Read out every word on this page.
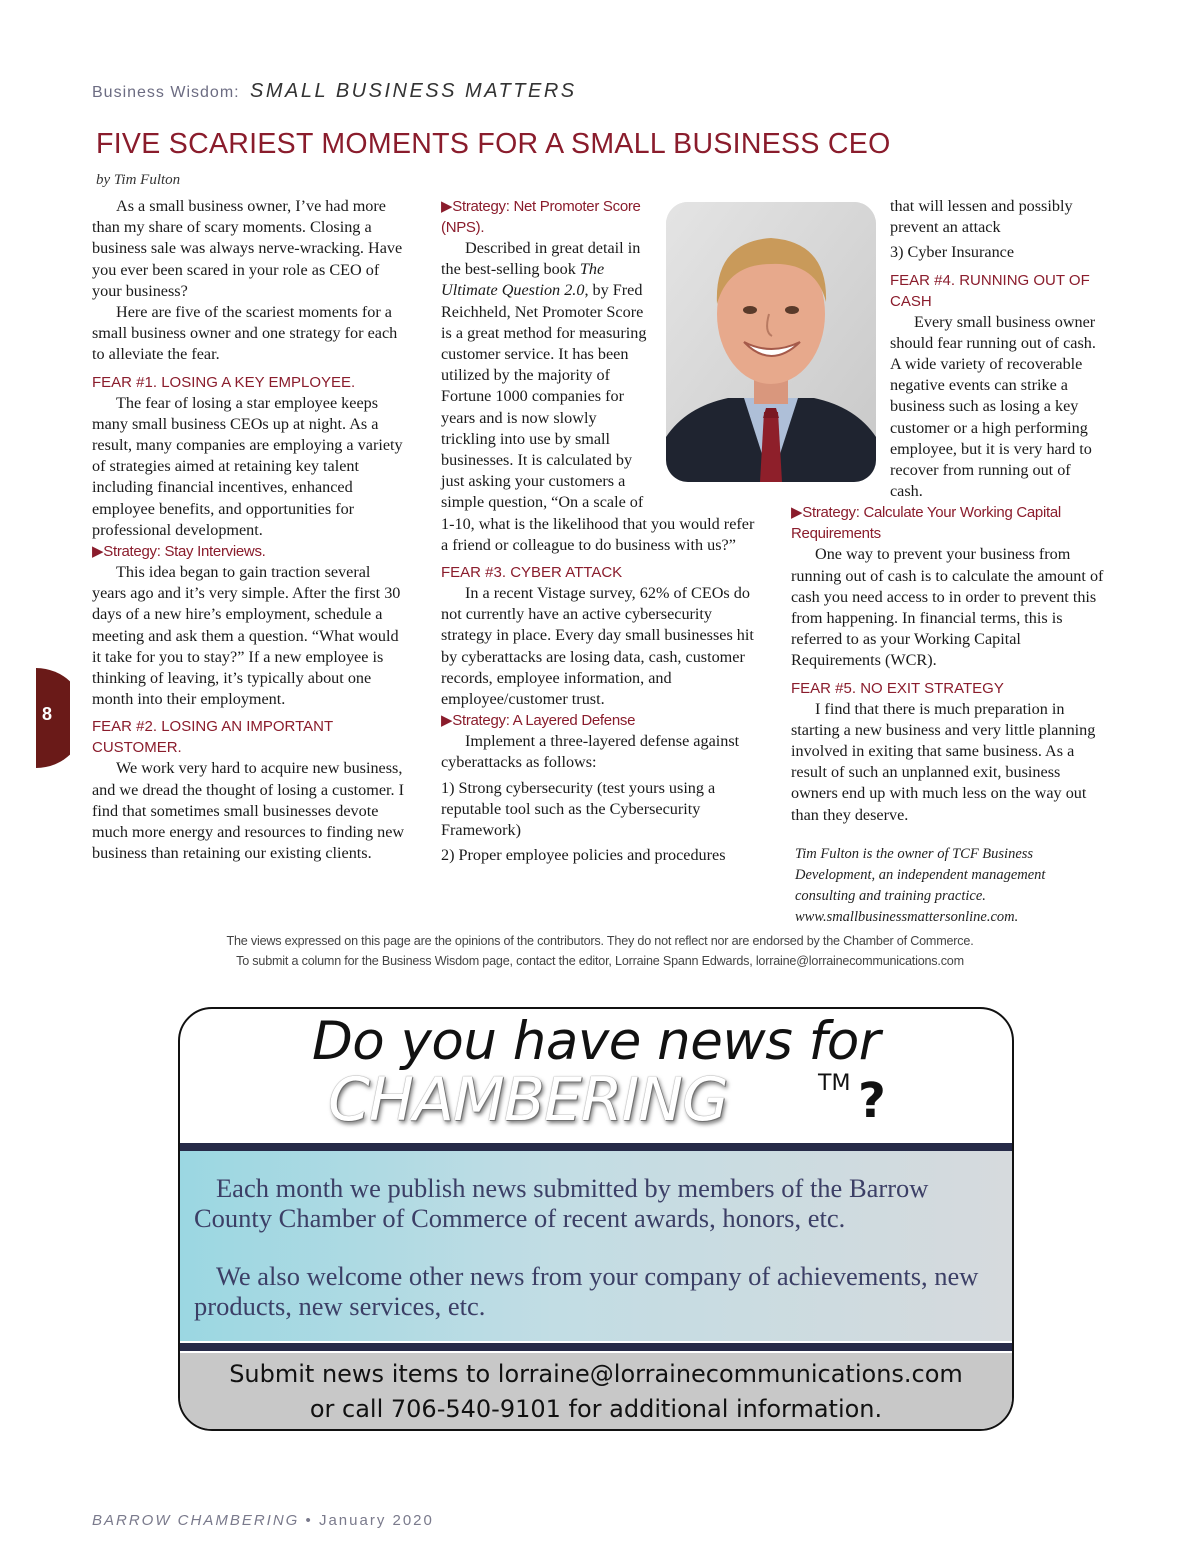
Business Wisdom: SMALL BUSINESS MATTERS
FIVE SCARIEST MOMENTS FOR A SMALL BUSINESS CEO
by Tim Fulton

As a small business owner, I’ve had more than my share of scary moments. Closing a business sale was always nerve-wracking. Have you ever been scared in your role as CEO of your business?

Here are five of the scariest moments for a small business owner and one strategy for each to alleviate the fear.

FEAR #1. LOSING A KEY EMPLOYEE.

The fear of losing a star employee keeps many small business CEOs up at night. As a result, many companies are employing a variety of strategies aimed at retaining key talent including financial incentives, enhanced employee benefits, and opportunities for professional development.

▶Strategy: Stay Interviews.

This idea began to gain traction several years ago and it’s very simple. After the first 30 days of a new hire’s employment, schedule a meeting and ask them a question. “What would it take for you to stay?” If a new employee is thinking of leaving, it’s typically about one month into their employment.

FEAR #2. LOSING AN IMPORTANT CUSTOMER.

We work very hard to acquire new business, and we dread the thought of losing a customer. I find that sometimes small businesses devote much more energy and resources to finding new business than retaining our existing clients.

▶Strategy: Net Promoter Score (NPS).

Described in great detail in the best-selling book The Ultimate Question 2.0, by Fred Reichheld, Net Promoter Score is a great method for measuring customer service. It has been utilized by the majority of Fortune 1000 companies for years and is now slowly trickling into use by small businesses. It is calculated by just asking your customers a simple question, “On a scale of 1-10, what is the likelihood that you would refer a friend or colleague to do business with us?”

FEAR #3. CYBER ATTACK

In a recent Vistage survey, 62% of CEOs do not currently have an active cybersecurity strategy in place. Every day small businesses hit by cyberattacks are losing data, cash, customer records, employee information, and employee/customer trust.

▶Strategy: A Layered Defense

Implement a three-layered defense against cyberattacks as follows:

1) Strong cybersecurity (test yours using a reputable tool such as the Cybersecurity Framework)

2) Proper employee policies and procedures

that will lessen and possibly prevent an attack

3) Cyber Insurance

FEAR #4. RUNNING OUT OF CASH

Every small business owner should fear running out of cash. A wide variety of recoverable negative events can strike a business such as losing a key customer or a high performing employee, but it is very hard to recover from running out of cash.

▶Strategy: Calculate Your Working Capital Requirements

One way to prevent your business from running out of cash is to calculate the amount of cash you need access to in order to prevent this from happening. In financial terms, this is referred to as your Working Capital Requirements (WCR).

FEAR #5. NO EXIT STRATEGY

I find that there is much preparation in starting a new business and very little planning involved in exiting that same business. As a result of such an unplanned exit, business owners end up with much less on the way out than they deserve.

8
Tim Fulton is the owner of TCF Business Development, an independent management consulting and training practice. www.smallbusinessmattersonline.com.
The views expressed on this page are the opinions of the contributors. They do not reflect nor are endorsed by the Chamber of Commerce.
To submit a column for the Business Wisdom page, contact the editor, Lorraine Spann Edwards, lorraine@lorrainecommunications.com
Do you have news for
CHAMBERING	TM ?

Each month we publish news submitted by members of the Barrow County Chamber of Commerce of recent awards, honors, etc.

We also welcome other news from your company of achievements, new products, new services, etc.

Submit news items to lorraine@lorrainecommunications.com
or call 706-540-9101 for additional information.
BARROW CHAMBERING • January 2020
